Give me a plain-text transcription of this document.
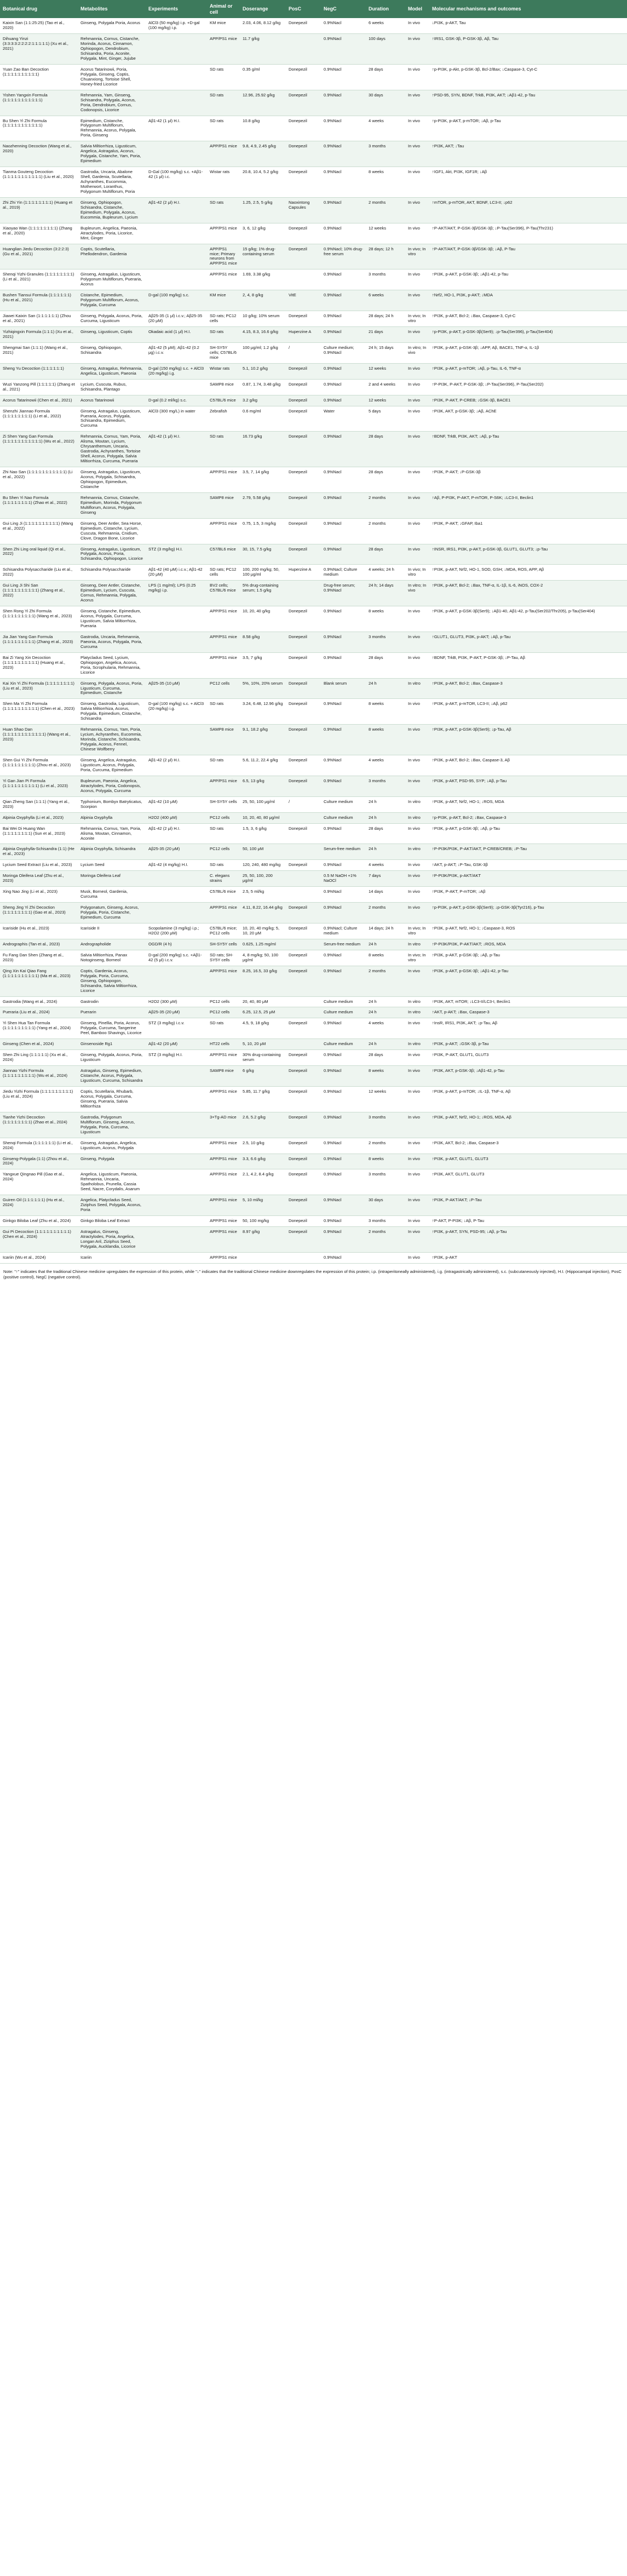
Botanical drug	Metabolites	Experiments	Animal or cell	Doserange	PosC	NegC	Duration	Model	Molecular mechanisms and outcomes
Kaixin San (1:1:25:25) (Tao et al., 2020)	Ginseng, Polygala Poria, Acorus	AlCl3 (50 mg/kg) i.p. +D-gal (100 mg/kg) i.p.	KM mice	2.03, 4.06, 8.12 g/kg	Donepezil	0.9%Nacl	6 weeks	In vivo	↓PI3K, p-AKT, Tau
Dihuang Yinzi (3:3:3:3:2:2:2:2:1:1:1:1:1) (Xu et al., 2021)	Rehmannia, Cornus, Cistanche, Morinda, Acorus, Cinnamon, Ophiopogon, Dendrobium, Schisandra, Poria, Aconite, Polygala, Mint, Ginger, Jujube		APP/PS1 mice	11.7 g/kg		0.9%Nacl	100 days	In vivo	↑IRS1, GSK-3β, P-GSK-3β, Aβ, Tau
Yuan Zao Ban Decoction (1:1:1:1:1:1:1:1:1:1)	Acorus Tatarinowii, Poria, Polygala, Ginseng, Coptis, Chuanxiong, Tortoise Shell, Honey-fried Licorice		SD rats	0.35 g/ml	Donepezil	0.9%Nacl	28 days	In vivo	↑p-PI3K, p-Akt, p-GSK-3β, Bcl-2/Bax; ↓Caspase-3, Cyt-C
Yishen Yangxin Formula (1:1:1:1:1:1:1:1:1:1:1)	Rehmannia, Yam, Ginseng, Schisandra, Polygala, Acorus, Poria, Dendrobium, Cornus, Codonopsis, Licorice		SD rats	12.96, 25.92 g/kg	Donepezil	0.9%Nacl	30 days	In vivo	↑PSD-95, SYN, BDNF, TrkB, PI3K, AKT; ↓Aβ1-42, p-Tau
Bu Shen Yi Zhi Formula (1:1:1:1:1:1:1:1:1:1:1)	Epimedium, Cistanche, Polygonum Multiflorum, Rehmannia, Acorus, Polygala, Poria, Ginseng	Aβ1-42 (1 μl) H.I.	SD rats	10.8 g/kg	Donepezil	0.9%Nacl	4 weeks	In vivo	↑p-PI3K, p-AKT, p-mTOR; ↓Aβ, p-Tau
Naozhenning Decoction (Wang et al., 2020)	Salvia Miltiorrhiza, Ligusticum, Angelica, Astragalus, Acorus, Polygala, Cistanche, Yam, Poria, Epimedium		APP/PS1 mice	9.8, 4.9, 2.45 g/kg	Donepezil	0.9%Nacl	3 months	In vivo	↑PI3K, AKT; ↓Tau
Tianma Gouteng Decoction (1:1:1:1:1:1:1:1:1:1:1) (Liu et al., 2020)	Gastrodia, Uncaria, Abalone Shell, Gardenia, Scutellaria, Achyranthes, Eucommia, Motherwort, Loranthus, Polygonum Multiflorum, Poria	D-Gal (100 mg/kg) s.c. +Aβ1-42 (1 μl) i.c.	Wistar rats	20.8, 10.4, 5.2 g/kg	Donepezil	0.9%Nacl	8 weeks	In vivo	↑IGF1, Akt, PI3K, IGF1R; ↓Aβ
Zhi Zhi Yin (1:1:1:1:1:1:1:1) (Huang et al., 2019)	Ginseng, Ophiopogon, Schisandra, Cistanche, Epimedium, Polygala, Acorus, Eucommia, Bupleurum, Lycium	Aβ1-42 (2 μl) H.I.	SD rats	1.25, 2.5, 5 g/kg	Naoxintong Capsules	0.9%Nacl	2 months	In vivo	↑mTOR, p-mTOR, AKT, BDNF, LC3-II; ↓p62
Xiaoyao Wan (1:1:1:1:1:1:1:1) (Zhang et al., 2020)	Bupleurum, Angelica, Paeonia, Atractylodes, Poria, Licorice, Mint, Ginger		APP/PS1 mice	3, 6, 12 g/kg	Donepezil	0.9%Nacl	12 weeks	In vivo	↑P-AKT/AKT, P-GSK-3β/GSK-3β; ↓P-Tau(Ser396), P-Tau(Thr231)
Huanglian Jiedu Decoction (3:2:2:3) (Gu et al., 2021)	Coptis, Scutellaria, Phellodendron, Gardenia		APP/PS1 mice; Primary neurons from APP/PS1 mice	15 g/kg; 1% drug-containing serum	Donepezil	0.9%Nacl; 10% drug-free serum	28 days; 12 h	In vivo; In vitro	↑P-AKT/AKT, P-GSK-3β/GSK-3β; ↓Aβ, P-Tau
Shenqi Yizhi Granules (1:1:1:1:1:1:1:1) (Li et al., 2021)	Ginseng, Astragalus, Ligusticum, Polygonum Multiflorum, Pueraria, Acorus		APP/PS1 mice	1.69, 3.38 g/kg		0.9%Nacl	3 months	In vivo	↑PI3K, p-AKT, p-GSK-3β; ↓Aβ1-42, p-Tau
Bushen Tiansui Formula (1:1:1:1:1:1) (Hu et al., 2021)	Cistanche, Epimedium, Polygonum Multiflorum, Acorus, Polygala, Curcuma	D-gal (100 mg/kg) s.c.	KM mice	2, 4, 8 g/kg	VitE	0.9%Nacl	6 weeks	In vivo	↑Nrf2, HO-1, PI3K, p-AKT; ↓MDA
Jiawei Kaixin San (1:1:1:1:1:1) (Zhou et al., 2021)	Ginseng, Polygala, Acorus, Poria, Curcuma, Ligusticum	Aβ25-35 (1 μl) i.c.v.; Aβ25-35 (20 μM)	SD rats; PC12 cells	10 g/kg; 10% serum	Donepezil	0.9%Nacl	28 days; 24 h	In vivo; In vitro	↑PI3K, p-AKT, Bcl-2; ↓Bax, Caspase-3, Cyt-C
Yizhiqingxin Formula (1:1:1) (Xu et al., 2021)	Ginseng, Ligusticum, Coptis	Okadaic acid (1 μl) H.I.	SD rats	4.15, 8.3, 16.6 g/kg	Huperzine A	0.9%Nacl	21 days	In vivo	↑p-PI3K, p-AKT, p-GSK-3β(Ser9); ↓p-Tau(Ser396), p-Tau(Ser404)
Shengmai San (1:1:1) (Wang et al., 2021)	Ginseng, Ophiopogon, Schisandra	Aβ1-42 (5 μM); Aβ1-42 (0.2 μg) i.c.v.	SH-SY5Y cells; C57BL/6 mice	100 μg/ml; 1.2 g/kg	/	Culture medium; 0.9%Nacl	24 h; 15 days	In vitro; In vivo	↑PI3K, p-AKT, p-GSK-3β; ↓APP, Aβ, BACE1, TNF-α, IL-1β
Sheng Yu Decoction (1:1:1:1:1:1)	Ginseng, Astragalus, Rehmannia, Angelica, Ligusticum, Paeonia	D-gal (150 mg/kg) s.c. + AlCl3 (20 mg/kg) i.g.	Wistar rats	5.1, 10.2 g/kg	Donepezil	0.9%Nacl	12 weeks	In vivo	↑PI3K, p-AKT, p-mTOR; ↓Aβ, p-Tau, IL-6, TNF-α
Wuzi Yanzong Pill (1:1:1:1:1) (Zhang et al., 2021)	Lycium, Cuscuta, Rubus, Schisandra, Plantago		SAMP8 mice	0.87, 1.74, 3.48 g/kg	Donepezil	0.9%Nacl	2 and 4 weeks	In vivo	↑P-PI3K, P-AKT, P-GSK-3β; ↓P-Tau(Ser396), P-Tau(Ser202)
Acorus Tatarinowii (Chen et al., 2021)	Acorus Tatarinowii	D-gal (0.2 ml/kg) s.c.	C57BL/6 mice	3.2 g/kg	Donepezil	0.9%Nacl	12 weeks	In vivo	↑PI3K, P-AKT, P-CREB; ↓GSK-3β, BACE1
Shenzhi Jiannao Formula (1:1:1:1:1:1:1:1) (Li et al., 2022)	Ginseng, Astragalus, Ligusticum, Pueraria, Acorus, Polygala, Schisandra, Epimedium, Curcuma	AlCl3 (300 mg/L) in water	Zebrafish	0.6 mg/ml	Donepezil	Water	5 days	In vivo	↑PI3K, AKT, p-GSK-3β; ↓Aβ, AChE
Zi Shen Yang Gan Formula (1:1:1:1:1:1:1:1:1:1:1) (Wu et al., 2022)	Rehmannia, Cornus, Yam, Poria, Alisma, Moutan, Lycium, Chrysanthemum, Uncaria, Gastrodia, Achyranthes, Tortoise Shell, Acorus, Polygala, Salvia Miltiorrhiza, Curcuma, Pueraria	Aβ1-42 (1 μl) H.I.	SD rats	16.73 g/kg	Donepezil	0.9%Nacl	28 days	In vivo	↑BDNF, TrkB, PI3K, AKT; ↓Aβ, p-Tau
Zhi Nao San (1:1:1:1:1:1:1:1:1:1:1) (Li et al., 2022)	Ginseng, Astragalus, Ligusticum, Acorus, Polygala, Schisandra, Ophiopogon, Epimedium, Cistanche		APP/PS1 mice	3.5, 7, 14 g/kg	Donepezil	0.9%Nacl	28 days	In vivo	↑PI3K, P-AKT; ↓P-GSK-3β
Bu Shen Yi Nao Formula (1:1:1:1:1:1:1:1) (Zhao et al., 2022)	Rehmannia, Cornus, Cistanche, Epimedium, Morinda, Polygonum Multiflorum, Acorus, Polygala, Ginseng		SAMP8 mice	2.79, 5.58 g/kg	Donepezil	0.9%Nacl	2 months	In vivo	↑Aβ, P-PI3K, P-AKT, P-mTOR, P-S6K; ↓LC3-II, Beclin1
Gui Ling Ji (1:1:1:1:1:1:1:1:1:1) (Wang et al., 2022)	Ginseng, Deer Antler, Sea Horse, Epimedium, Cistanche, Lycium, Cuscuta, Rehmannia, Cnidium, Clove, Dragon Bone, Licorice		APP/PS1 mice	0.75, 1.5, 3 mg/kg	Donepezil	0.9%Nacl	2 months	In vivo	↑PI3K, P-AKT; ↓GFAP, Iba1
Shen Zhi Ling oral liquid (Qi et al., 2022)	Ginseng, Astragalus, Ligusticum, Polygala, Acorus, Poria, Schisandra, Ophiopogon, Licorice	STZ (3 mg/kg) H.I.	C57/BL6 mice	30, 15, 7.5 g/kg	Donepezil	0.9%Nacl	28 days	In vivo	↑INSR, IRS1, PI3K, p-AKT, p-GSK-3β, GLUT1, GLUT3; ↓p-Tau
Schisandra Polysaccharide (Liu et al., 2022)	Schisandra Polysaccharide	Aβ1-42 (40 μM) i.c.v.; Aβ1-42 (20 μM)	SD rats; PC12 cells	100, 200 mg/kg; 50, 100 μg/ml	Huperzine A	0.9%Nacl; Culture medium	4 weeks; 24 h	In vivo; In vitro	↑PI3K, p-AKT, Nrf2, HO-1, SOD, GSH; ↓MDA, ROS, APP, Aβ
Gui Ling Ji Shi San (1:1:1:1:1:1:1:1:1:1) (Zhang et al., 2022)	Ginseng, Deer Antler, Cistanche, Epimedium, Lycium, Cuscuta, Cornus, Rehmannia, Polygala, Acorus	LPS (1 mg/ml); LPS (0.25 mg/kg) i.p.	BV2 cells; C57BL/6 mice	5% drug-containing serum; 1.5 g/kg		Drug-free serum; 0.9%Nacl	24 h; 14 days	In vitro; In vivo	↑PI3K, p-AKT, Bcl-2; ↓Bax, TNF-α, IL-1β, IL-6, iNOS, COX-2
Shen Rong Yi Zhi Formula (1:1:1:1:1:1:1:1:1) (Wang et al., 2023)	Ginseng, Cistanche, Epimedium, Acorus, Polygala, Curcuma, Ligusticum, Salvia Miltiorrhiza, Pueraria		APP/PS1 mice	10, 20, 40 g/kg	Donepezil	0.9%Nacl	8 weeks	In vivo	↑PI3K, p-AKT, p-GSK-3β(Ser9); ↓Aβ1-40, Aβ1-42, p-Tau(Ser202/Thr205), p-Tau(Ser404)
Jia Jian Yang Gan Formula (1:1:1:1:1:1:1:1:1) (Zhang et al., 2023)	Gastrodia, Uncaria, Rehmannia, Paeonia, Acorus, Polygala, Poria, Curcuma		APP/PS1 mice	8.58 g/kg	Donepezil	0.9%Nacl	3 months	In vivo	↑GLUT1, GLUT3, PI3K, p-AKT; ↓Aβ, p-Tau
Bai Zi Yang Xin Decoction (1:1:1:1:1:1:1:1:1:1) (Huang et al., 2023)	Platycladus Seed, Lycium, Ophiopogon, Angelica, Acorus, Poria, Scrophularia, Rehmannia, Licorice		APP/PS1 mice	3.5, 7 g/kg	Donepezil	0.9%Nacl	28 days	In vivo	↑BDNF, TrkB, PI3K, P-AKT, P-GSK-3β; ↓P-Tau, Aβ
Kai Xin Yi Zhi Formula (1:1:1:1:1:1:1:1) (Liu et al., 2023)	Ginseng, Polygala, Acorus, Poria, Ligusticum, Curcuma, Epimedium, Cistanche	Aβ25-35 (10 μM)	PC12 cells	5%, 10%, 20% serum	Donepezil	Blank serum	24 h	In vitro	↑PI3K, p-AKT, Bcl-2; ↓Bax, Caspase-3
Shen Ma Yi Zhi Formula (1:1:1:1:1:1:1:1:1:1) (Chen et al., 2023)	Ginseng, Gastrodia, Ligusticum, Salvia Miltiorrhiza, Acorus, Polygala, Epimedium, Cistanche, Schisandra	D-gal (100 mg/kg) s.c. + AlCl3 (20 mg/kg) i.g.	SD rats	3.24, 6.48, 12.96 g/kg	Donepezil	0.9%Nacl	8 weeks	In vivo	↑PI3K, p-AKT, p-mTOR, LC3-II; ↓Aβ, p62
Huan Shao Dan (1:1:1:1:1:1:1:1:1:1:1:1) (Wang et al., 2023)	Rehmannia, Cornus, Yam, Poria, Lycium, Achyranthes, Eucommia, Morinda, Cistanche, Schisandra, Polygala, Acorus, Fennel, Chinese Wolfberry		SAMP8 mice	9.1, 18.2 g/kg	Donepezil	0.9%Nacl	8 weeks	In vivo	↑PI3K, p-AKT, p-GSK-3β(Ser9); ↓p-Tau, Aβ
Shen Gui Yi Zhi Formula (1:1:1:1:1:1:1:1:1) (Zhou et al., 2023)	Ginseng, Angelica, Astragalus, Ligusticum, Acorus, Polygala, Poria, Curcuma, Epimedium	Aβ1-42 (2 μl) H.I.	SD rats	5.6, 11.2, 22.4 g/kg	Donepezil	0.9%Nacl	4 weeks	In vivo	↑PI3K, p-AKT, Bcl-2; ↓Bax, Caspase-3, Aβ
Yi Gan Jian Pi Formula (1:1:1:1:1:1:1:1:1:1) (Li et al., 2023)	Bupleurum, Paeonia, Angelica, Atractylodes, Poria, Codonopsis, Acorus, Polygala, Curcuma		APP/PS1 mice	6.5, 13 g/kg	Donepezil	0.9%Nacl	3 months	In vivo	↑PI3K, p-AKT, PSD-95, SYP; ↓Aβ, p-Tau
Qian Zheng San (1:1:1) (Yang et al., 2023)	Typhonium, Bombyx Batryticatus, Scorpion	Aβ1-42 (10 μM)	SH-SY5Y cells	25, 50, 100 μg/ml	/	Culture medium	24 h	In vitro	↑PI3K, p-AKT, Nrf2, HO-1; ↓ROS, MDA
Alpinia Oxyphylla (Li et al., 2023)	Alpinia Oxyphylla	H2O2 (400 μM)	PC12 cells	10, 20, 40, 80 μg/ml		Culture medium	24 h	In vitro	↑p-PI3K, p-AKT, Bcl-2; ↓Bax, Caspase-3
Bai Wei Di Huang Wan (1:1:1:1:1:1:1:1) (Sun et al., 2023)	Rehmannia, Cornus, Yam, Poria, Alisma, Moutan, Cinnamon, Aconite	Aβ1-42 (2 μl) H.I.	SD rats	1.5, 3, 6 g/kg	Donepezil	0.9%Nacl	28 days	In vivo	↑PI3K, p-AKT, p-GSK-3β; ↓Aβ, p-Tau
Alpinia Oxyphylla-Schisandra (1:1) (He et al., 2023)	Alpinia Oxyphylla, Schisandra	Aβ25-35 (20 μM)	PC12 cells	50, 100 μM		Serum-free medium	24 h	In vitro	↑P-PI3K/PI3K, P-AKT/AKT, P-CREB/CREB; ↓P-Tau
Lycium Seed Extract (Liu et al., 2023)	Lycium Seed	Aβ1-42 (4 mg/kg) H.I.	SD rats	120, 240, 480 mg/kg	Donepezil	0.9%Nacl	4 weeks	In vivo	↑AKT, p-AKT; ↓P-Tau, GSK-3β
Moringa Oleifera Leaf (Zhu et al., 2023)	Moringa Oleifera Leaf		C. elegans strains	25, 50, 100, 200 μg/ml		0.5 M NaOH +1% NaOCl	7 days	In vivo	↑P-PI3K/PI3K, p-AKT/AKT
Xing Nao Jing (Li et al., 2023)	Musk, Borneol, Gardenia, Curcuma		C57BL/6 mice	2.5, 5 ml/kg		0.9%Nacl	14 days	In vivo	↑PI3K, P-AKT, P-mTOR; ↓Aβ
Sheng Jing Yi Zhi Decoction (1:1:1:1:1:1:1:1) (Gao et al., 2023)	Polygonatum, Ginseng, Acorus, Polygala, Poria, Cistanche, Epimedium, Curcuma		APP/PS1 mice	4.11, 8.22, 16.44 g/kg	Donepezil	0.9%Nacl	2 months	In vivo	↑p-PI3K, p-AKT, p-GSK-3β(Ser9); ↓p-GSK-3β(Tyr216), p-Tau
Icariside (Hu et al., 2023)	Icariside II	Scopolamine (3 mg/kg) i.p.; H2O2 (200 μM)	C57BL/6 mice; PC12 cells	10, 20, 40 mg/kg; 5, 10, 20 μM	Donepezil	0.9%Nacl; Culture medium	14 days; 24 h	In vivo; In vitro	↑PI3K, p-AKT, Nrf2, HO-1; ↓Caspase-3, ROS
Andrographis (Tan et al., 2023)	Andrographolide	OGD/R (4 h)	SH-SY5Y cells	0.625, 1.25 mg/ml		Serum-free medium	24 h	In vitro	↑P-PI3K/PI3K, P-AKT/AKT; ↓ROS, MDA
Fu Fang Dan Shen (Zhang et al., 2023)	Salvia Miltiorrhiza, Panax Notoginseng, Borneol	D-gal (200 mg/kg) s.c. +Aβ1-42 (5 μl) i.c.v.	SD rats; SH-SY5Y cells	4, 8 mg/kg; 50, 100 μg/ml	Donepezil	0.9%Nacl	8 weeks	In vivo; In vitro	↑PI3K, p-AKT, p-GSK-3β; ↓Aβ, p-Tau
Qing Xin Kai Qiao Fang (1:1:1:1:1:1:1:1:1:1) (Ma et al., 2023)	Coptis, Gardenia, Acorus, Polygala, Poria, Curcuma, Ginseng, Ophiopogon, Schisandra, Salvia Miltiorrhiza, Licorice		APP/PS1 mice	8.25, 16.5, 33 g/kg	Donepezil	0.9%Nacl	2 months	In vivo	↑PI3K, p-AKT, p-GSK-3β; ↓Aβ1-42, p-Tau
Gastrodia (Wang et al., 2024)	Gastrodin	H2O2 (300 μM)	PC12 cells	20, 40, 80 μM		Culture medium	24 h	In vitro	↑PI3K, AKT, mTOR; ↓LC3-II/LC3-I, Beclin1
Pueraria (Liu et al., 2024)	Puerarin	Aβ25-35 (20 μM)	PC12 cells	6.25, 12.5, 25 μM		Culture medium	24 h	In vitro	↑AKT, p-AKT; ↓Bax, Caspase-3
Yi Shen Hua Tan Formula (1:1:1:1:1:1:1:1:1) (Yang et al., 2024)	Ginseng, Pinellia, Poria, Acorus, Polygala, Curcuma, Tangerine Peel, Bamboo Shavings, Licorice	STZ (3 mg/kg) i.c.v.	SD rats	4.5, 9, 18 g/kg	Donepezil	0.9%Nacl	4 weeks	In vivo	↑InsR, IRS1, PI3K, AKT; ↓p-Tau, Aβ
Ginseng (Chen et al., 2024)	Ginsenoside Rg1	Aβ1-42 (20 μM)	HT22 cells	5, 10, 20 μM		Culture medium	24 h	In vitro	↑PI3K, p-AKT; ↓GSK-3β, p-Tau
Shen Zhi Ling (1:1:1:1:1) (Xu et al., 2024)	Ginseng, Polygala, Acorus, Poria, Ligusticum	STZ (3 mg/kg) H.I.	APP/PS1 mice	30% drug-containing serum	Donepezil	0.9%Nacl	28 days	In vivo	↑PI3K, P-AKT, GLUT1, GLUT3
Jiannao Yizhi Formula (1:1:1:1:1:1:1:1:1) (Wu et al., 2024)	Astragalus, Ginseng, Epimedium, Cistanche, Acorus, Polygala, Ligusticum, Curcuma, Schisandra		SAMP8 mice	6 g/kg	Donepezil	0.9%Nacl	8 weeks	In vivo	↑PI3K, AKT, p-GSK-3β; ↓Aβ1-42, p-Tau
Jiedu Yizhi Formula (1:1:1:1:1:1:1:1:1) (Liu et al., 2024)	Coptis, Scutellaria, Rhubarb, Acorus, Polygala, Curcuma, Ginseng, Pueraria, Salvia Miltiorrhiza		APP/PS1 mice	5.85, 11.7 g/kg	Donepezil	0.9%Nacl	12 weeks	In vivo	↑PI3K, p-AKT, p-mTOR; ↓IL-1β, TNF-α, Aβ
Tianhe Yizhi Decoction (1:1:1:1:1:1:1:1) (Zhao et al., 2024)	Gastrodia, Polygonum Multiflorum, Ginseng, Acorus, Polygala, Poria, Curcuma, Ligusticum		3×Tg-AD mice	2.6, 5.2 g/kg	Donepezil	0.9%Nacl	3 months	In vivo	↑PI3K, p-AKT, Nrf2, HO-1; ↓ROS, MDA, Aβ
Shenqi Formula (1:1:1:1:1:1) (Li et al., 2024)	Ginseng, Astragalus, Angelica, Ligusticum, Acorus, Polygala		APP/PS1 mice	2.5, 10 g/kg	Donepezil	0.9%Nacl	2 months	In vivo	↑PI3K, AKT, Bcl-2; ↓Bax, Caspase-3
Ginseng-Polygala (1:1) (Zhou et al., 2024)	Ginseng, Polygala		APP/PS1 mice	3.3, 6.6 g/kg	Donepezil	0.9%Nacl	8 weeks	In vivo	↑PI3K, p-AKT, GLUT1, GLUT3
Yangxue Qingnao Pill (Gao et al., 2024)	Angelica, Ligusticum, Paeonia, Rehmannia, Uncaria, Spatholobus, Prunella, Cassia Seed, Nacre, Corydalis, Asarum		APP/PS1 mice	2.1, 4.2, 8.4 g/kg	Donepezil	0.9%Nacl	3 months	In vivo	↑PI3K, AKT, GLUT1, GLUT3
Guiren Oil (1:1:1:1:1:1) (Hu et al., 2024)	Angelica, Platycladus Seed, Ziziphus Seed, Polygala, Acorus, Poria		APP/PS1 mice	5, 10 ml/kg	Donepezil	0.9%Nacl	30 days	In vivo	↑PI3K, P-AKT/AKT; ↓P-Tau
Ginkgo Biloba Leaf (Zhu et al., 2024)	Ginkgo Biloba Leaf Extract		APP/PS1 mice	50, 100 mg/kg	Donepezil	0.9%Nacl	3 months	In vivo	↑P-AKT, P-PI3K; ↓Aβ, P-Tau
Gui Pi Decoction (1:1:1:1:1:1:1:1:1:1) (Chen et al., 2024)	Astragalus, Ginseng, Atractylodes, Poria, Angelica, Longan Aril, Ziziphus Seed, Polygala, Aucklandia, Licorice		APP/PS1 mice	8.97 g/kg	Donepezil	0.9%Nacl	2 months	In vivo	↑PI3K, p-AKT, SYN, PSD-95; ↓Aβ, p-Tau
Icariin (Wu et al., 2024)	Icariin		APP/PS1 mice			0.9%Nacl		In vivo	↑PI3K, p-AKT
Note: "↑" indicates that the traditional Chinese medicine upregulates the expression of this protein, while "↓" indicates that the traditional Chinese medicine downregulates the expression of this protein; i.p. (intraperitoneally administered), i.g. (intragastrically administered), s.c. (subcutaneously injected), H.I. (Hippocampal injection), PosC (positive control), NegC (negative control).
